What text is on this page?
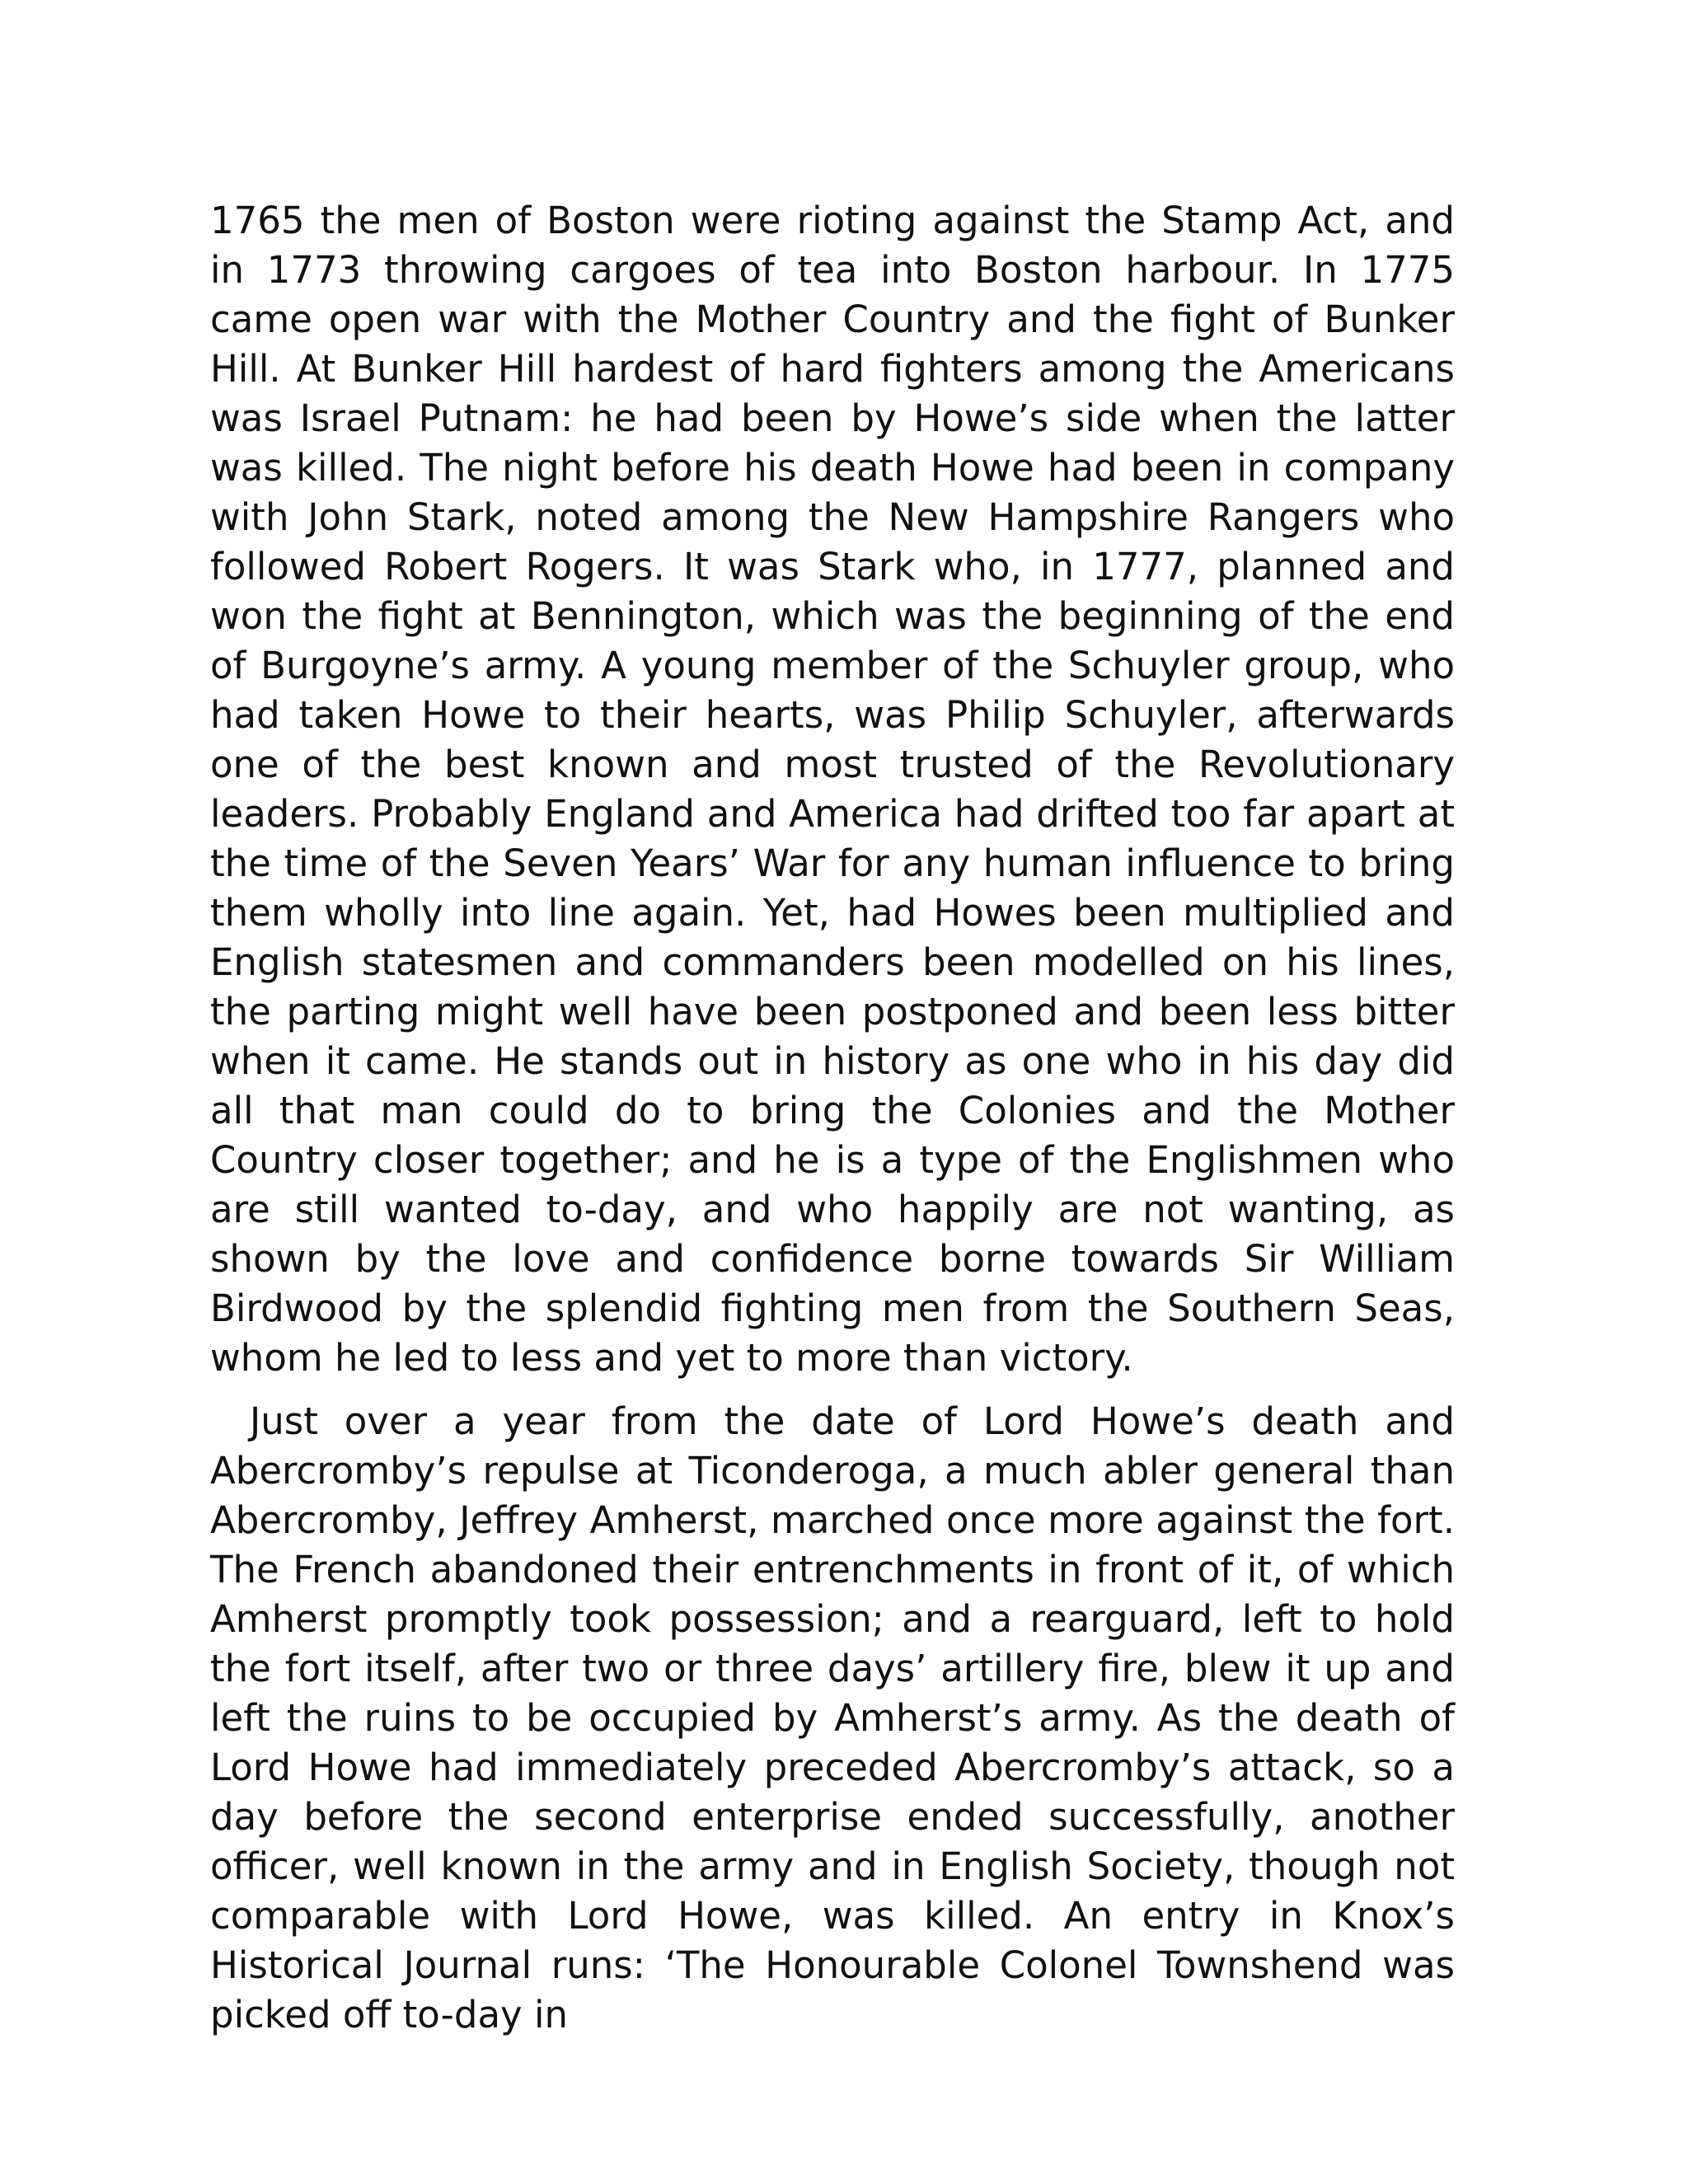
1765 the men of Boston were rioting against the Stamp Act, and in 1773 throwing cargoes of tea into Boston harbour. In 1775 came open war with the Mother Country and the fight of Bunker Hill. At Bunker Hill hardest of hard fighters among the Americans was Israel Putnam: he had been by Howe’s side when the latter was killed. The night before his death Howe had been in company with John Stark, noted among the New Hampshire Rangers who followed Robert Rogers. It was Stark who, in 1777, planned and won the fight at Bennington, which was the beginning of the end of Burgoyne’s army. A young member of the Schuyler group, who had taken Howe to their hearts, was Philip Schuyler, afterwards one of the best known and most trusted of the Revolutionary leaders. Probably England and America had drifted too far apart at the time of the Seven Years’ War for any human influence to bring them wholly into line again. Yet, had Howes been multiplied and English statesmen and commanders been modelled on his lines, the parting might well have been postponed and been less bitter when it came. He stands out in history as one who in his day did all that man could do to bring the Colonies and the Mother Country closer together; and he is a type of the Englishmen who are still wanted to-day, and who happily are not wanting, as shown by the love and confidence borne towards Sir William Birdwood by the splendid fighting men from the Southern Seas, whom he led to less and yet to more than victory.

Just over a year from the date of Lord Howe’s death and Abercromby’s repulse at Ticonderoga, a much abler general than Abercromby, Jeffrey Amherst, marched once more against the fort. The French abandoned their entrenchments in front of it, of which Amherst promptly took possession; and a rearguard, left to hold the fort itself, after two or three days’ artillery fire, blew it up and left the ruins to be occupied by Amherst’s army. As the death of Lord Howe had immediately preceded Abercromby’s attack, so a day before the second enterprise ended successfully, another officer, well known in the army and in English Society, though not comparable with Lord Howe, was killed. An entry in Knox’s Historical Journal runs: ‘The Honourable Colonel Townshend was picked off to-day in
